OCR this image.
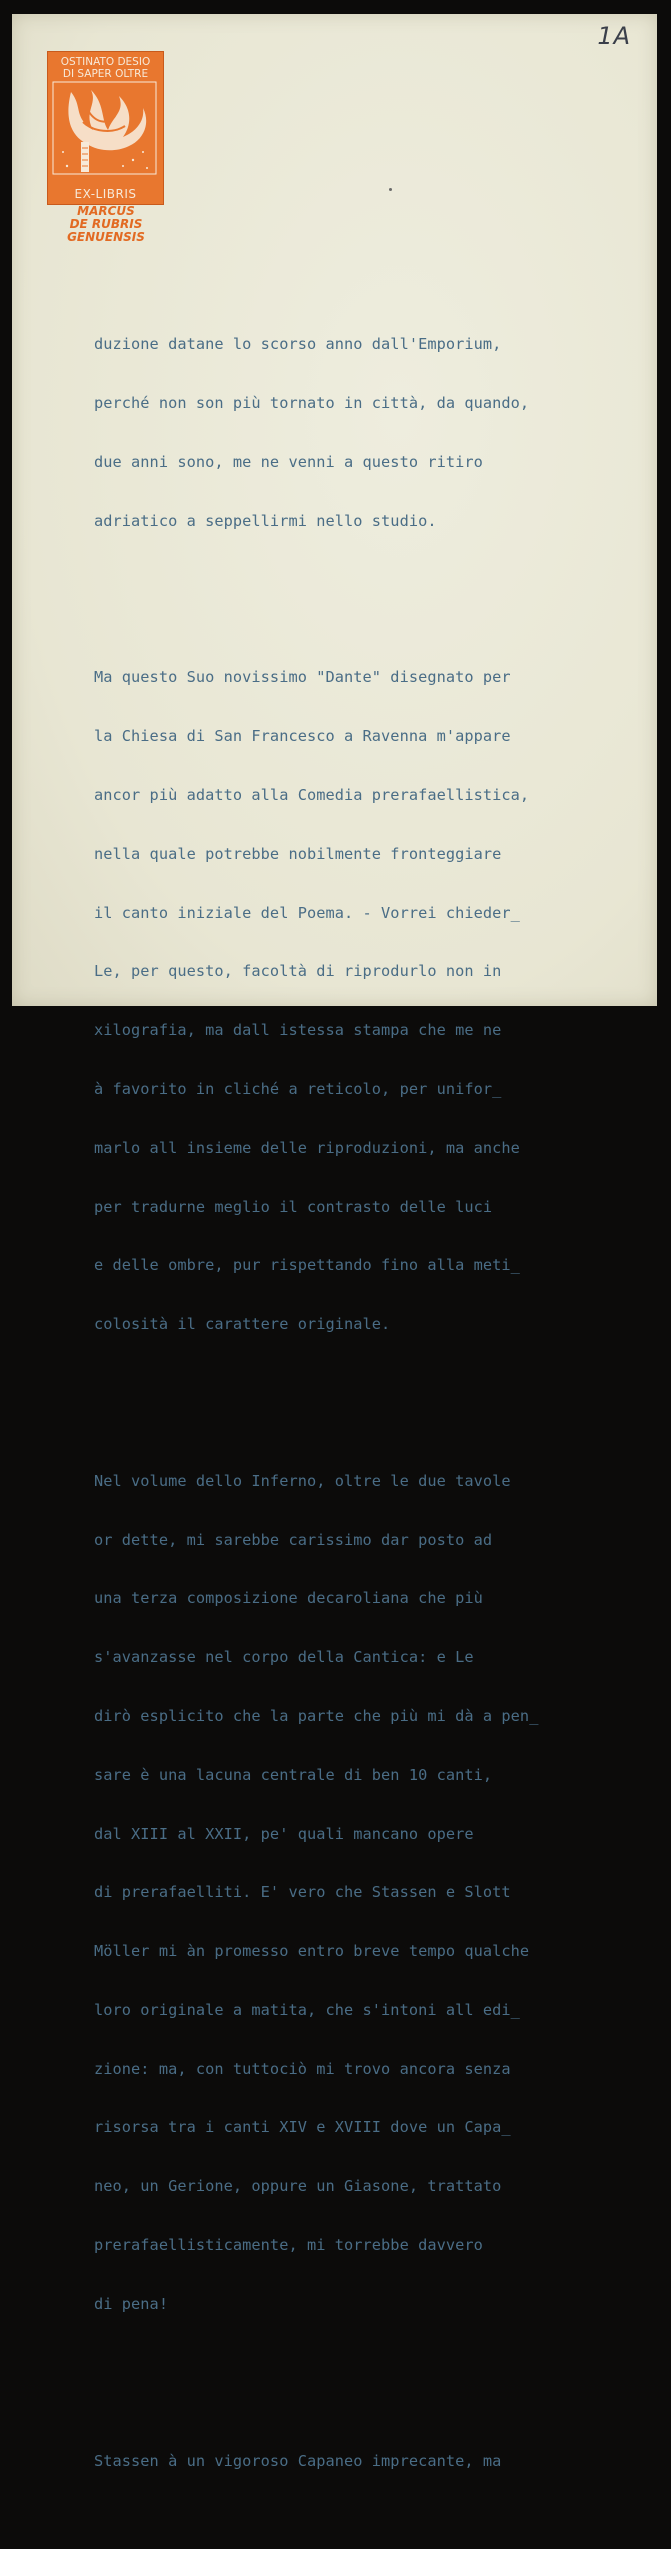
1A
OSTINATO DESIO
DI SAPER OLTRE
EX-LIBRIS
MARCUS
DE RUBRIS
GENUENSIS

duzione datane lo scorso anno dall'Emporium,

perché non son più tornato in città, da quando,

due anni sono, me ne venni a questo ritiro

adriatico a seppellirmi nello studio.

Ma questo Suo novissimo "Dante" disegnato per

la Chiesa di San Francesco a Ravenna m'appare

ancor più adatto alla Comedia prerafaellistica,

nella quale potrebbe nobilmente fronteggiare

il canto iniziale del Poema. - Vorrei chieder_

Le, per questo, facoltà di riprodurlo non in

xilografia, ma dall istessa stampa che me ne

à favorito in cliché a reticolo, per unifor_

marlo all insieme delle riproduzioni, ma anche

per tradurne meglio il contrasto delle luci

e delle ombre, pur rispettando fino alla meti_

colosità il carattere originale.

Nel volume dello Inferno, oltre le due tavole

or dette, mi sarebbe carissimo dar posto ad

una terza composizione decaroliana che più

s'avanzasse nel corpo della Cantica: e Le

dirò esplicito che la parte che più mi dà a pen_

sare è una lacuna centrale di ben 10 canti,

dal XIII al XXII, pe' quali mancano opere

di prerafaelliti. E' vero che Stassen e Slott

Möller mi àn promesso entro breve tempo qualche

loro originale a matita, che s'intoni all edi_

zione: ma, con tuttociò mi trovo ancora senza

risorsa tra i canti XIV e XVIII dove un Capa_

neo, un Gerione, oppure un Giasone, trattato

prerafaellisticamente, mi torrebbe davvero

di pena!

Stassen à un vigoroso Capaneo imprecante, ma
